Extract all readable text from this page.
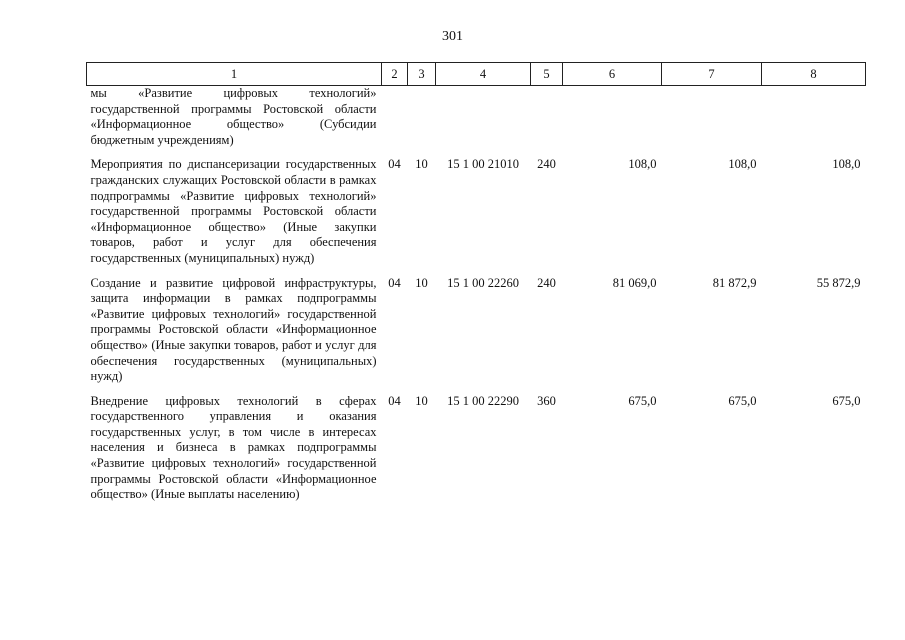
301
1	2	3	4	5	6	7	8
мы «Развитие цифровых технологий» государственной программы Ростовской области «Информационное общество» (Субсидии бюджетным учреждениям)							
Мероприятия по диспансеризации государственных гражданских служащих Ростовской области в рамках подпрограммы «Развитие цифровых технологий» государственной программы Ростовской области «Информационное общество» (Иные закупки товаров, работ и услуг для обеспечения государственных (муниципальных) нужд)	04	10	15 1 00 21010	240	108,0	108,0	108,0
Создание и развитие цифровой инфраструктуры, защита информации в рамках подпрограммы «Развитие цифровых технологий» государственной программы Ростовской области «Информационное общество» (Иные закупки товаров, работ и услуг для обеспечения государственных (муниципальных) нужд)	04	10	15 1 00 22260	240	81 069,0	81 872,9	55 872,9
Внедрение цифровых технологий в сферах государственного управления и оказания государственных услуг, в том числе в интересах населения и бизнеса в рамках подпрограммы «Развитие цифровых технологий» государственной программы Ростовской области «Информационное общество» (Иные выплаты населению)	04	10	15 1 00 22290	360	675,0	675,0	675,0
